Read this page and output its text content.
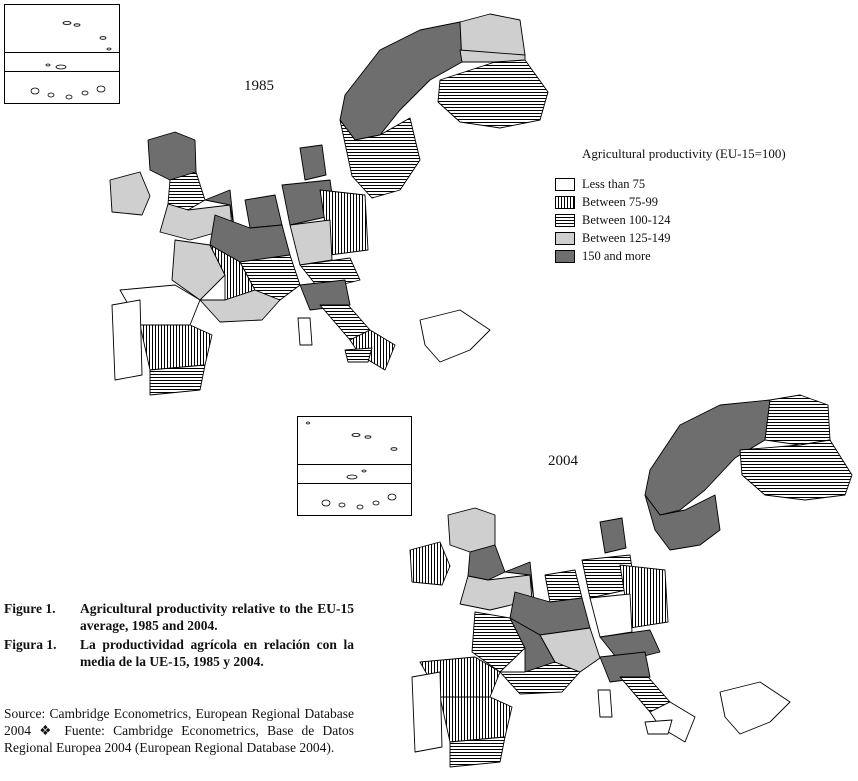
1985
Agricultural productivity (EU-15=100)
Less than 75
Between 75-99
Between 100-124
Between 125-149
150 and more
2004
Figure 1.	Agricultural productivity relative to the EU-15 average, 1985 and 2004.
Figura 1.	La productividad agrícola en relación con la media de la UE-15, 1985 y 2004.
Source: Cambridge Econometrics, European Regional Database 2004 ❖ Fuente: Cambridge Econometrics, Base de Datos Regional Europea 2004 (European Regional Database 2004).
